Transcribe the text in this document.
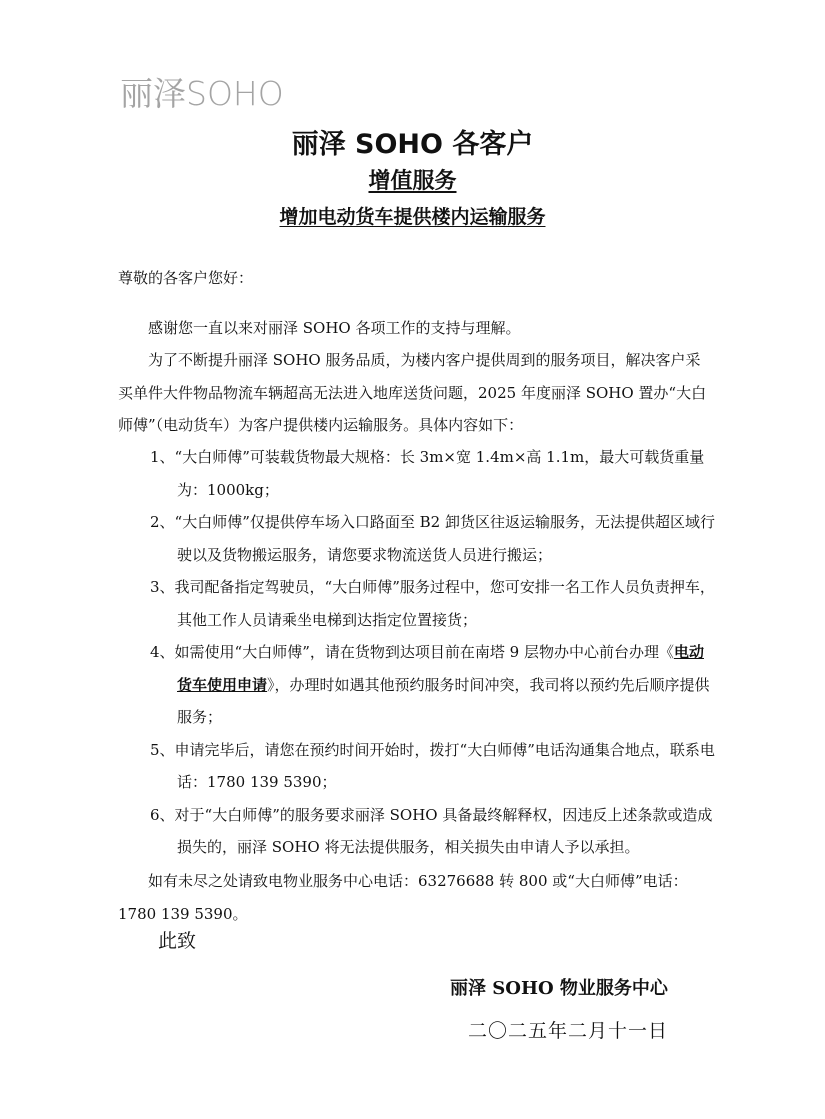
丽泽SOHO
丽泽 SOHO 各客户
增值服务
增加电动货车提供楼内运输服务
尊敬的各客户您好：
感谢您一直以来对丽泽 SOHO 各项工作的支持与理解。
为了不断提升丽泽 SOHO 服务品质，为楼内客户提供周到的服务项目，解决客户采买单件大件物品物流车辆超高无法进入地库送货问题，2025 年度丽泽 SOHO 置办“大白师傅”（电动货车）为客户提供楼内运输服务。具体内容如下：
1、“大白师傅”可装载货物最大规格：长 3m×宽 1.4m×高 1.1m，最大可载货重量为：1000kg；
2、“大白师傅”仅提供停车场入口路面至 B2 卸货区往返运输服务，无法提供超区域行驶以及货物搬运服务，请您要求物流送货人员进行搬运；
3、我司配备指定驾驶员，“大白师傅”服务过程中，您可安排一名工作人员负责押车，其他工作人员请乘坐电梯到达指定位置接货；
4、如需使用“大白师傅”，请在货物到达项目前在南塔 9 层物办中心前台办理《电动货车使用申请》，办理时如遇其他预约服务时间冲突，我司将以预约先后顺序提供服务；
5、申请完毕后，请您在预约时间开始时，拨打“大白师傅”电话沟通集合地点，联系电话：1780 139 5390；
6、对于“大白师傅”的服务要求丽泽 SOHO 具备最终解释权，因违反上述条款或造成损失的，丽泽 SOHO 将无法提供服务，相关损失由申请人予以承担。
如有未尽之处请致电物业服务中心电话：63276688 转 800 或“大白师傅”电话：1780 139 5390。
此致
丽泽 SOHO 物业服务中心
二〇二五年二月十一日
